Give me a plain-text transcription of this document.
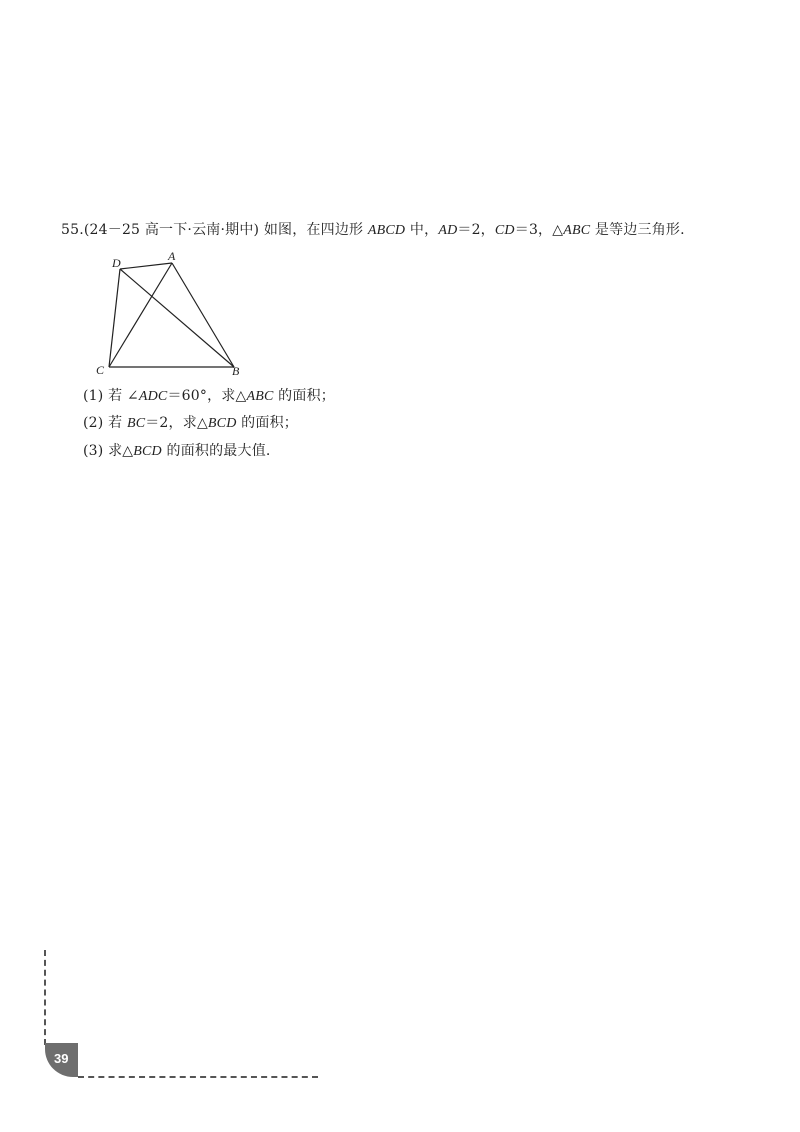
55.(24－25 高一下·云南·期中) 如图，在四边形 ABCD 中，AD＝2，CD＝3，△ABC 是等边三角形.
D	A
C	B
(1) 若 ∠ADC＝60°，求△ABC 的面积；
(2) 若 BC＝2，求△BCD 的面积；
(3) 求△BCD 的面积的最大值.
39
